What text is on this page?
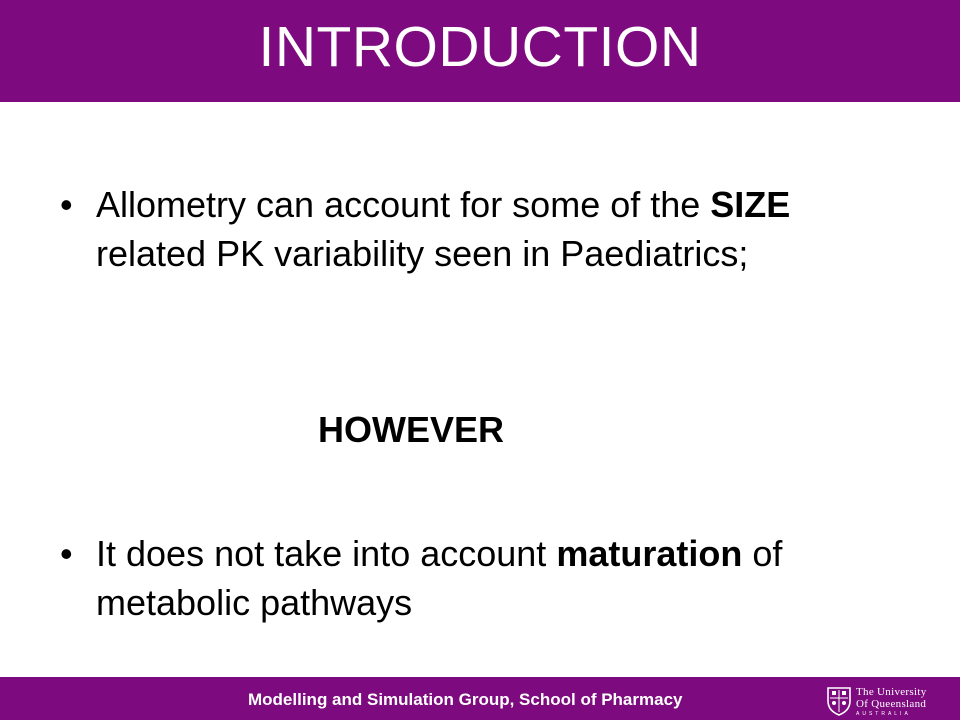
INTRODUCTION
• Allometry can account for some of the SIZE related PK variability seen in Paediatrics;
HOWEVER
• It does not take into account maturation of metabolic pathways
Modelling and Simulation Group, School of Pharmacy	The University
Of Queensland
AUSTRALIA
